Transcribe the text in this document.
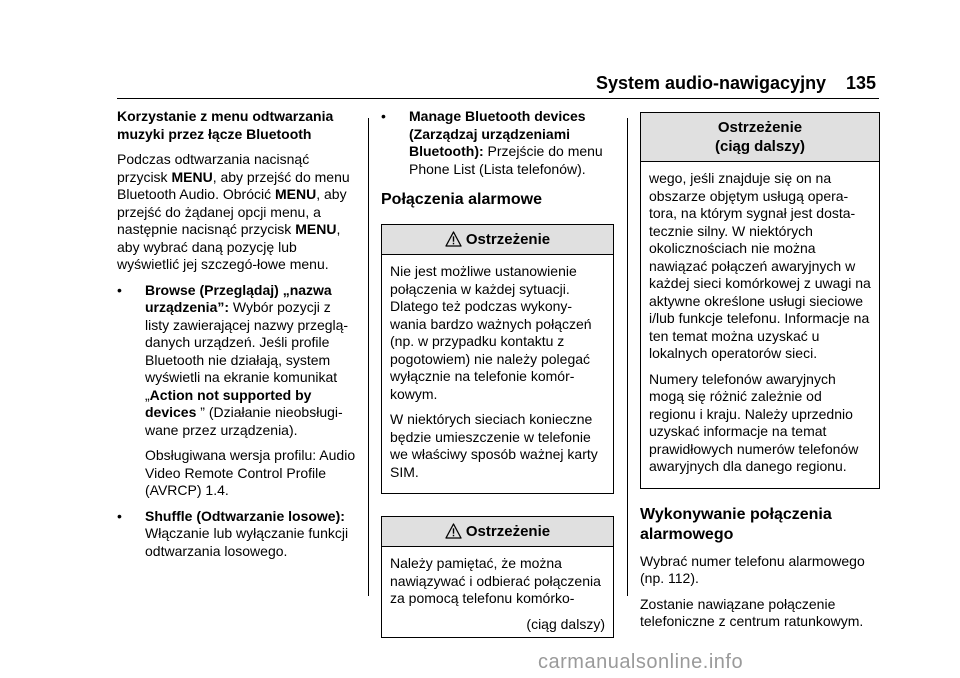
System audio-nawigacyjny 135
Korzystanie z menu odtwarzania muzyki przez łącze Bluetooth

Podczas odtwarzania nacisnąć przycisk MENU, aby przejść do menu Bluetooth Audio. Obrócić MENU, aby przejść do żądanej opcji menu, a następnie nacisnąć przycisk MENU, aby wybrać daną pozycję lub wyświetlić jej szczegó-łowe menu.

• Browse (Przeglądaj) „nazwa urządzenia”: Wybór pozycji z listy zawierającej nazwy przeglą-danych urządzeń. Jeśli profile Bluetooth nie działają, system wyświetli na ekranie komunikat „Action not supported by devices ” (Działanie nieobsługi-wane przez urządzenia).
Obsługiwana wersja profilu: Audio Video Remote Control Profile (AVRCP) 1.4.
• Shuffle (Odtwarzanie losowe): Włączanie lub wyłączanie funkcji odtwarzania losowego.
• Manage Bluetooth devices (Zarządzaj urządzeniami Bluetooth): Przejście do menu Phone List (Lista telefonów).
Połączenia alarmowe
Ostrzeżenie

Nie jest możliwe ustanowienie połączenia w każdej sytuacji. Dlatego też podczas wykony-wania bardzo ważnych połączeń (np. w przypadku kontaktu z pogotowiem) nie należy polegać wyłącznie na telefonie komór-kowym.

W niektórych sieciach konieczne będzie umieszczenie w telefonie we właściwy sposób ważnej karty SIM.

Ostrzeżenie

Należy pamiętać, że można nawiązywać i odbierać połączenia za pomocą telefonu komórko-

(ciąg dalszy)
Ostrzeżenie
(ciąg dalszy)

wego, jeśli znajduje się on na obszarze objętym usługą opera-tora, na którym sygnał jest dosta-tecznie silny. W niektórych okolicznościach nie można nawiązać połączeń awaryjnych w każdej sieci komórkowej z uwagi na aktywne określone usługi sieciowe i/lub funkcje telefonu. Informacje na ten temat można uzyskać u lokalnych operatorów sieci.

Numery telefonów awaryjnych mogą się różnić zależnie od regionu i kraju. Należy uprzednio uzyskać informacje na temat prawidłowych numerów telefonów awaryjnych dla danego regionu.

Wykonywanie połączenia alarmowego

Wybrać numer telefonu alarmowego (np. 112).

Zostanie nawiązane połączenie telefoniczne z centrum ratunkowym.

carmanualsonline.info
